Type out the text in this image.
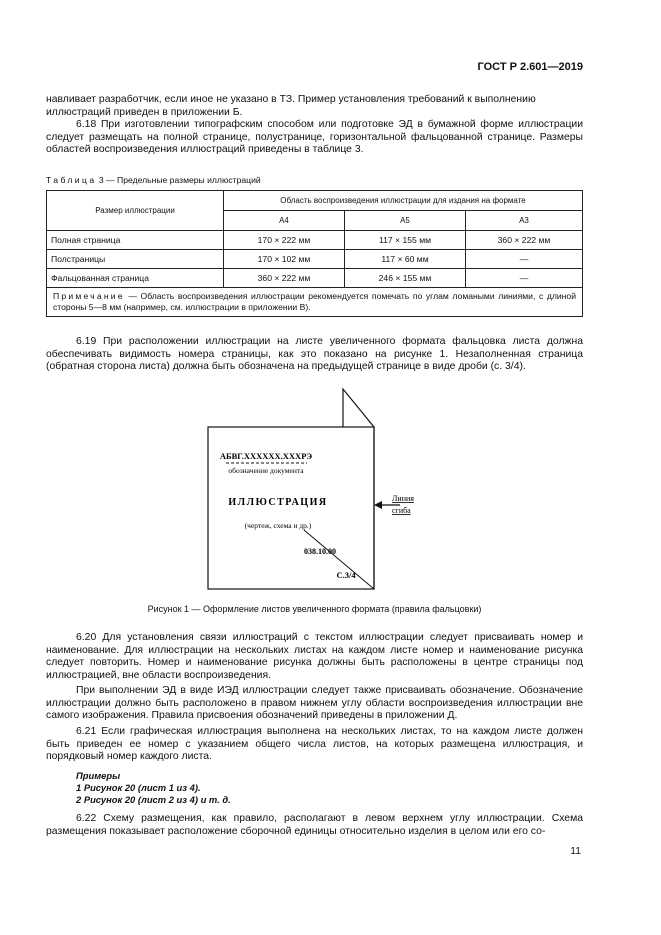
ГОСТ Р 2.601—2019
навливает разработчик, если иное не указано в ТЗ. Пример установления требований к выполнению
иллюстраций приведен в приложении Б.
6.18 При изготовлении типографским способом или подготовке ЭД в бумажной форме иллюстрации следует размещать на полной странице, полустранице, горизонтальной фальцованной странице. Размеры областей воспроизведения иллюстраций приведены в таблице 3.
Таблица 3 — Предельные размеры иллюстраций
Размер иллюстрации	Область воспроизведения иллюстрации для издания на формате		
	А4	А5	А3
Полная страница	170 × 222 мм	117 × 155 мм	360 × 222 мм
Полстраницы	170 × 102 мм	117 × 60 мм	—
Фальцованная страница	360 × 222 мм	246 × 155 мм	—
Примечание — Область воспроизведения иллюстрации рекомендуется помечать по углам ломаными линиями, с длиной стороны 5—8 мм (например, см. иллюстрации в приложении В).			
6.19 При расположении иллюстрации на листе увеличенного формата фальцовка листа должна обеспечивать видимость номера страницы, как это показано на рисунке 1. Незаполненная страница (обратная сторона листа) должна быть обозначена на предыдущей странице в виде дроби (с. 3/4).
АБВГ.XXXXXX.XXXРЭ
обозначение документа
ИЛЛЮСТРАЦИЯ
(чертеж, схема и др.)
038.10.00
С.3/4
Линия
сгиба
Рисунок 1 — Оформление листов увеличенного формата (правила фальцовки)
6.20 Для установления связи иллюстраций с текстом иллюстрации следует присваивать номер и наименование. Для иллюстрации на нескольких листах на каждом листе номер и наименование рисунка следует повторить. Номер и наименование рисунка должны быть расположены в центре страницы под иллюстрацией, вне области воспроизведения.
При выполнении ЭД в виде ИЭД иллюстрации следует также присваивать обозначение. Обозначение иллюстрации должно быть расположено в правом нижнем углу области воспроизведения иллюстрации вне самого изображения. Правила присвоения обозначений приведены в приложении Д.
6.21 Если графическая иллюстрация выполнена на нескольких листах, то на каждом листе должен быть приведен ее номер с указанием общего числа листов, на которых размещена иллюстрация, и порядковый номер каждого листа.
Примеры
1 Рисунок 20 (лист 1 из 4).
2 Рисунок 20 (лист 2 из 4) и т. д.
6.22 Схему размещения, как правило, располагают в левом верхнем углу иллюстрации. Схема размещения показывает расположение сборочной единицы относительно изделия в целом или его со-
11
